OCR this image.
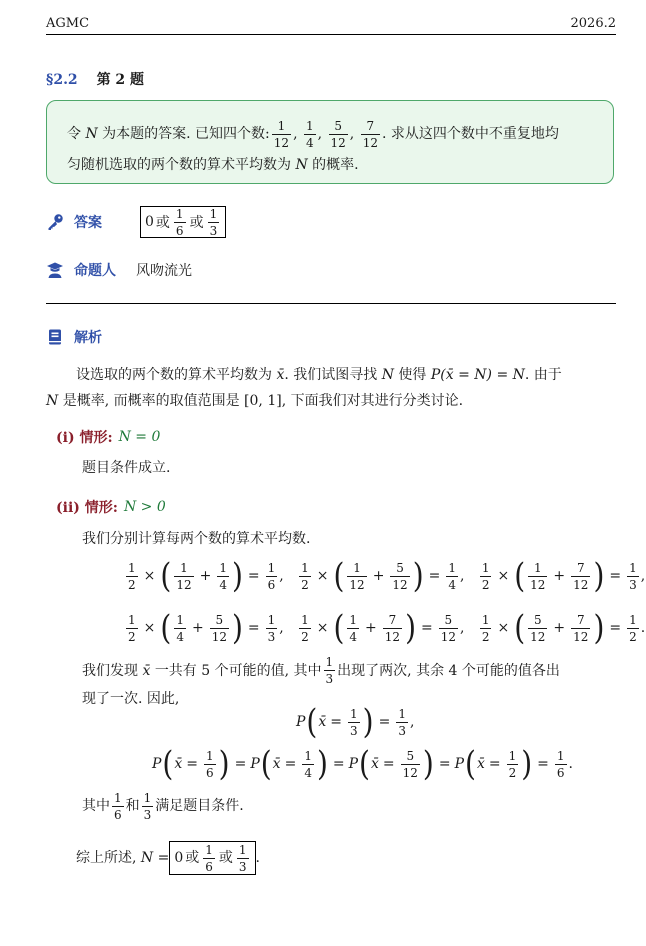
AGMC	2026.2
§2.2 第 2 题
令
N
为本题的答案. 已知四个数: $\frac{1}{12}$ , $\frac{1}{4}$ , $\frac{5}{12}$ , $\frac{7}{12}$ . 求从这四个数中不重复地均
匀随机选取的两个数的算术平均数为 N 的概率.
答案	0 或 $\frac{1}{6}$ 或 $\frac{1}{3}$
命题人	风吻流光
解析
设选取的两个数的算术平均数为 x̄. 我们试图寻找 N 使得 P(x̄ = N) = N. 由于
N 是概率, 而概率的取值范围是 [0, 1], 下面我们对其进行分类讨论.
(i) 情形: N = 0
题目条件成立.
(ii) 情形: N > 0
我们分别计算每两个数的算术平均数.
$\frac{1}{2}$ × ( $\frac{1}{12} + \frac{1}{4}$ ) = $\frac{1}{6}$ ,
$\frac{1}{2}$ × ( $\frac{1}{12} + \frac{5}{12}$ ) = $\frac{1}{4}$ ,
$\frac{1}{2}$ × ( $\frac{1}{12} + \frac{7}{12}$ ) = $\frac{1}{3}$ ,
$\frac{1}{2}$ × ( $\frac{1}{4} + \frac{5}{12}$ ) = $\frac{1}{3}$ ,
$\frac{1}{2}$ × ( $\frac{1}{4} + \frac{7}{12}$ ) = $\frac{5}{12}$ ,
$\frac{1}{2}$ × ( $\frac{5}{12} + \frac{7}{12}$ ) = $\frac{1}{2}$ .
我们发现
x̄
一共有 5 个可能的值, 其中 $\frac{1}{3}$ 出现了两次, 其余 4 个可能的值各出
现了一次. 因此,
P ( x̄ = $\frac{1}{3}$ ) = $\frac{1}{3}$ ,
P ( x̄ = $\frac{1}{6}$ ) = P ( x̄ = $\frac{1}{4}$ ) = P ( x̄ = $\frac{5}{12}$ ) = P ( x̄ = $\frac{1}{2}$ ) = $\frac{1}{6}$ .
其中 $\frac{1}{6}$ 和 $\frac{1}{3}$ 满足题目条件.
综上所述,
N
= 0 或 $\frac{1}{6}$ 或 $\frac{1}{3}$ .
